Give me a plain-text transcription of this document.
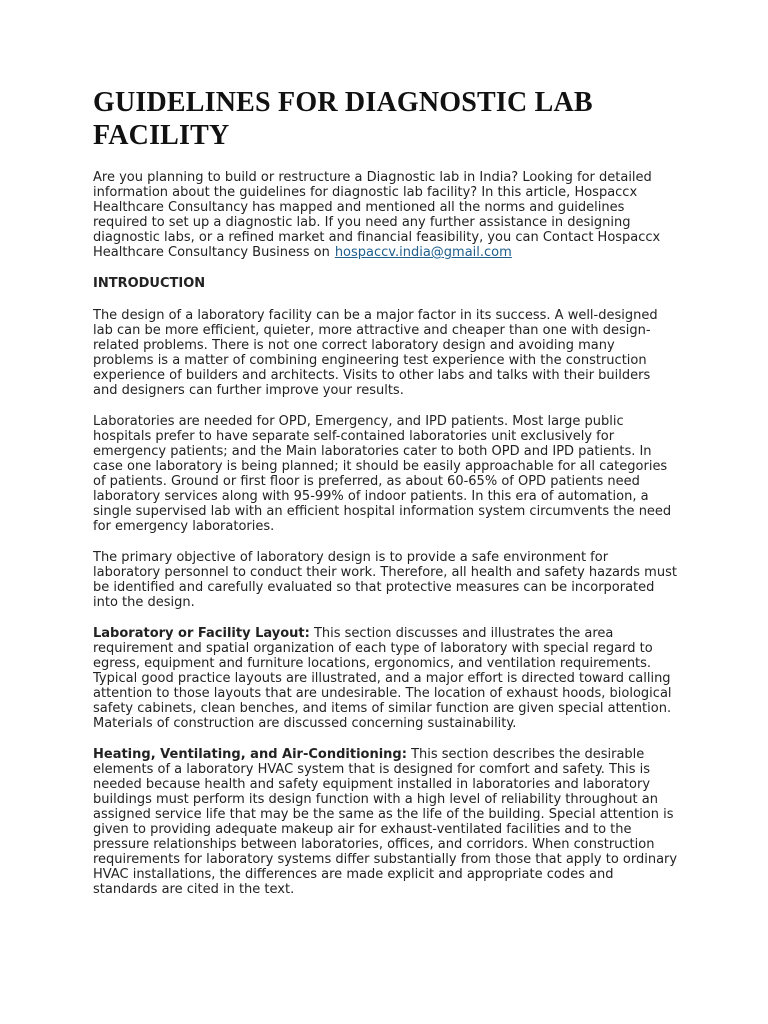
GUIDELINES FOR DIAGNOSTIC LAB FACILITY

Are you planning to build or restructure a Diagnostic lab in India? Looking for detailed information about the guidelines for diagnostic lab facility? In this article, Hospaccx Healthcare Consultancy has mapped and mentioned all the norms and guidelines required to set up a diagnostic lab. If you need any further assistance in designing diagnostic labs, or a refined market and financial feasibility, you can Contact Hospaccx Healthcare Consultancy Business on hospaccv.india@gmail.com

INTRODUCTION

The design of a laboratory facility can be a major factor in its success. A well-designed lab can be more efficient, quieter, more attractive and cheaper than one with design-related problems. There is not one correct laboratory design and avoiding many problems is a matter of combining engineering test experience with the construction experience of builders and architects. Visits to other labs and talks with their builders and designers can further improve your results.

Laboratories are needed for OPD, Emergency, and IPD patients. Most large public hospitals prefer to have separate self-contained laboratories unit exclusively for emergency patients; and the Main laboratories cater to both OPD and IPD patients. In case one laboratory is being planned; it should be easily approachable for all categories of patients. Ground or first floor is preferred, as about 60-65% of OPD patients need laboratory services along with 95-99% of indoor patients. In this era of automation, a single supervised lab with an efficient hospital information system circumvents the need for emergency laboratories.

The primary objective of laboratory design is to provide a safe environment for laboratory personnel to conduct their work. Therefore, all health and safety hazards must be identified and carefully evaluated so that protective measures can be incorporated into the design.

Laboratory or Facility Layout: This section discusses and illustrates the area requirement and spatial organization of each type of laboratory with special regard to egress, equipment and furniture locations, ergonomics, and ventilation requirements. Typical good practice layouts are illustrated, and a major effort is directed toward calling attention to those layouts that are undesirable. The location of exhaust hoods, biological safety cabinets, clean benches, and items of similar function are given special attention. Materials of construction are discussed concerning sustainability.

Heating, Ventilating, and Air-Conditioning: This section describes the desirable elements of a laboratory HVAC system that is designed for comfort and safety. This is needed because health and safety equipment installed in laboratories and laboratory buildings must perform its design function with a high level of reliability throughout an assigned service life that may be the same as the life of the building. Special attention is given to providing adequate makeup air for exhaust-ventilated facilities and to the pressure relationships between laboratories, offices, and corridors. When construction requirements for laboratory systems differ substantially from those that apply to ordinary HVAC installations, the differences are made explicit and appropriate codes and standards are cited in the text.
